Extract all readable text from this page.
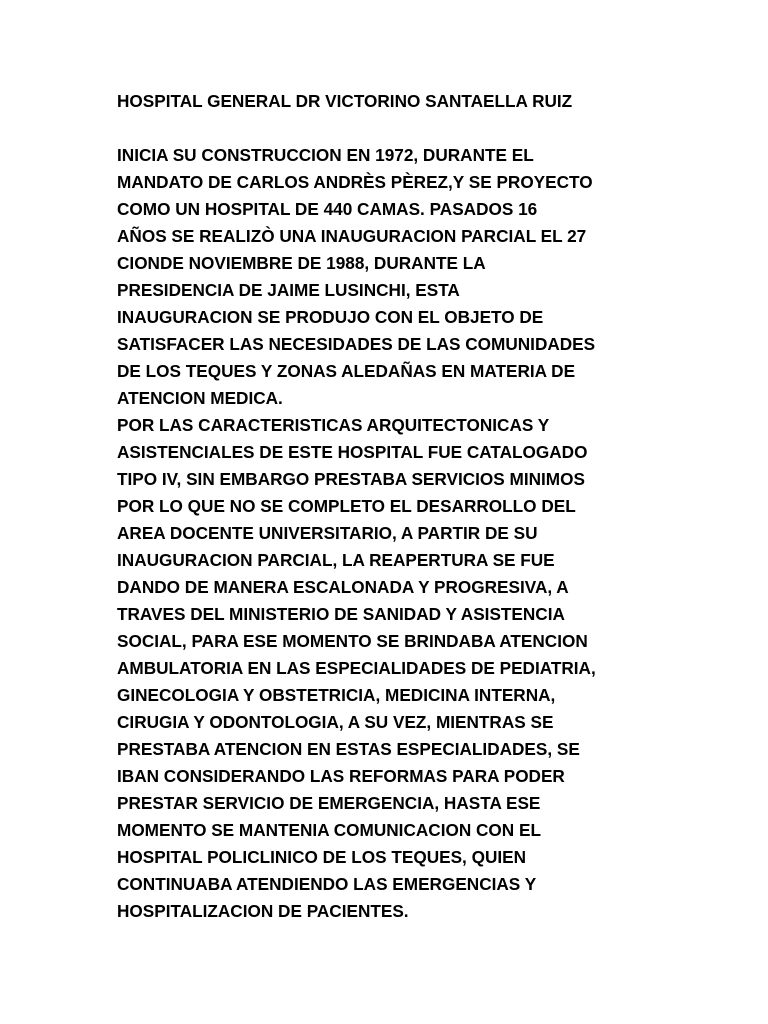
HOSPITAL GENERAL DR VICTORINO SANTAELLA RUIZ
INICIA SU CONSTRUCCION EN 1972, DURANTE EL
MANDATO DE CARLOS ANDRÈS PÈREZ,Y SE PROYECTO
COMO UN HOSPITAL DE 440 CAMAS. PASADOS 16
AÑOS SE REALIZÒ UNA INAUGURACION PARCIAL EL 27
CIONDE NOVIEMBRE DE 1988, DURANTE LA
PRESIDENCIA DE JAIME LUSINCHI, ESTA
INAUGURACION SE PRODUJO CON EL OBJETO DE
SATISFACER LAS NECESIDADES DE LAS COMUNIDADES
DE LOS TEQUES Y ZONAS ALEDAÑAS EN MATERIA DE
ATENCION MEDICA.
POR LAS CARACTERISTICAS ARQUITECTONICAS Y
ASISTENCIALES DE ESTE HOSPITAL FUE CATALOGADO
TIPO IV, SIN EMBARGO PRESTABA SERVICIOS MINIMOS
POR LO QUE NO SE COMPLETO EL DESARROLLO DEL
AREA DOCENTE UNIVERSITARIO, A PARTIR DE SU
INAUGURACION PARCIAL, LA REAPERTURA SE FUE
DANDO DE MANERA ESCALONADA Y PROGRESIVA, A
TRAVES DEL MINISTERIO DE SANIDAD Y ASISTENCIA
SOCIAL, PARA ESE MOMENTO SE BRINDABA ATENCION
AMBULATORIA EN LAS ESPECIALIDADES DE PEDIATRIA,
GINECOLOGIA Y OBSTETRICIA, MEDICINA INTERNA,
CIRUGIA Y ODONTOLOGIA, A SU VEZ, MIENTRAS SE
PRESTABA ATENCION EN ESTAS ESPECIALIDADES, SE
IBAN CONSIDERANDO LAS REFORMAS PARA PODER
PRESTAR SERVICIO DE EMERGENCIA, HASTA ESE
MOMENTO SE MANTENIA COMUNICACION CON EL
HOSPITAL POLICLINICO DE LOS TEQUES, QUIEN
CONTINUABA ATENDIENDO LAS EMERGENCIAS Y
HOSPITALIZACION DE PACIENTES.
